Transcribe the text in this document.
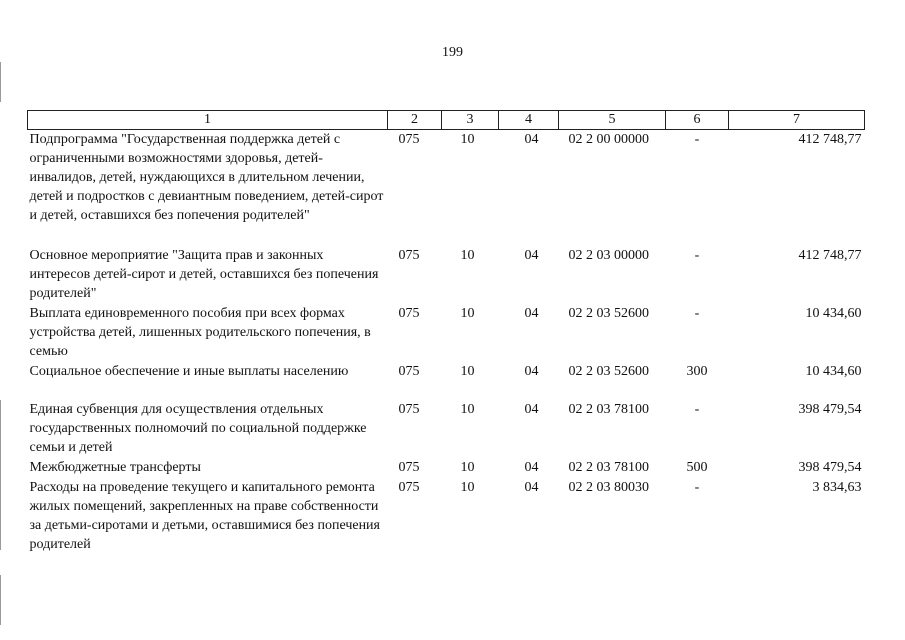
199
1	2	3	4	5	6	7
Подпрограмма "Государственная поддержка детей с ограниченными возможностями здоровья, детей-инвалидов, детей, нуждающихся в длительном лечении, детей и подростков с девиантным поведением, детей-сирот и детей, оставшихся без попечения родителей"	075	10	04	02 2 00 00000	-	412 748,77
Основное мероприятие "Защита прав и законных интересов детей-сирот и детей, оставшихся без попечения родителей"	075	10	04	02 2 03 00000	-	412 748,77
Выплата единовременного пособия при всех формах устройства детей, лишенных родительского попечения, в семью	075	10	04	02 2 03 52600	-	10 434,60
Социальное обеспечение и иные выплаты населению	075	10	04	02 2 03 52600	300	10 434,60
Единая субвенция для осуществления отдельных государственных полномочий по социальной поддержке семьи и детей	075	10	04	02 2 03 78100	-	398 479,54
Межбюджетные трансферты	075	10	04	02 2 03 78100	500	398 479,54
Расходы на проведение текущего и капитального ремонта жилых помещений, закрепленных на праве собственности за детьми-сиротами и детьми, оставшимися без попечения родителей	075	10	04	02 2 03 80030	-	3 834,63
